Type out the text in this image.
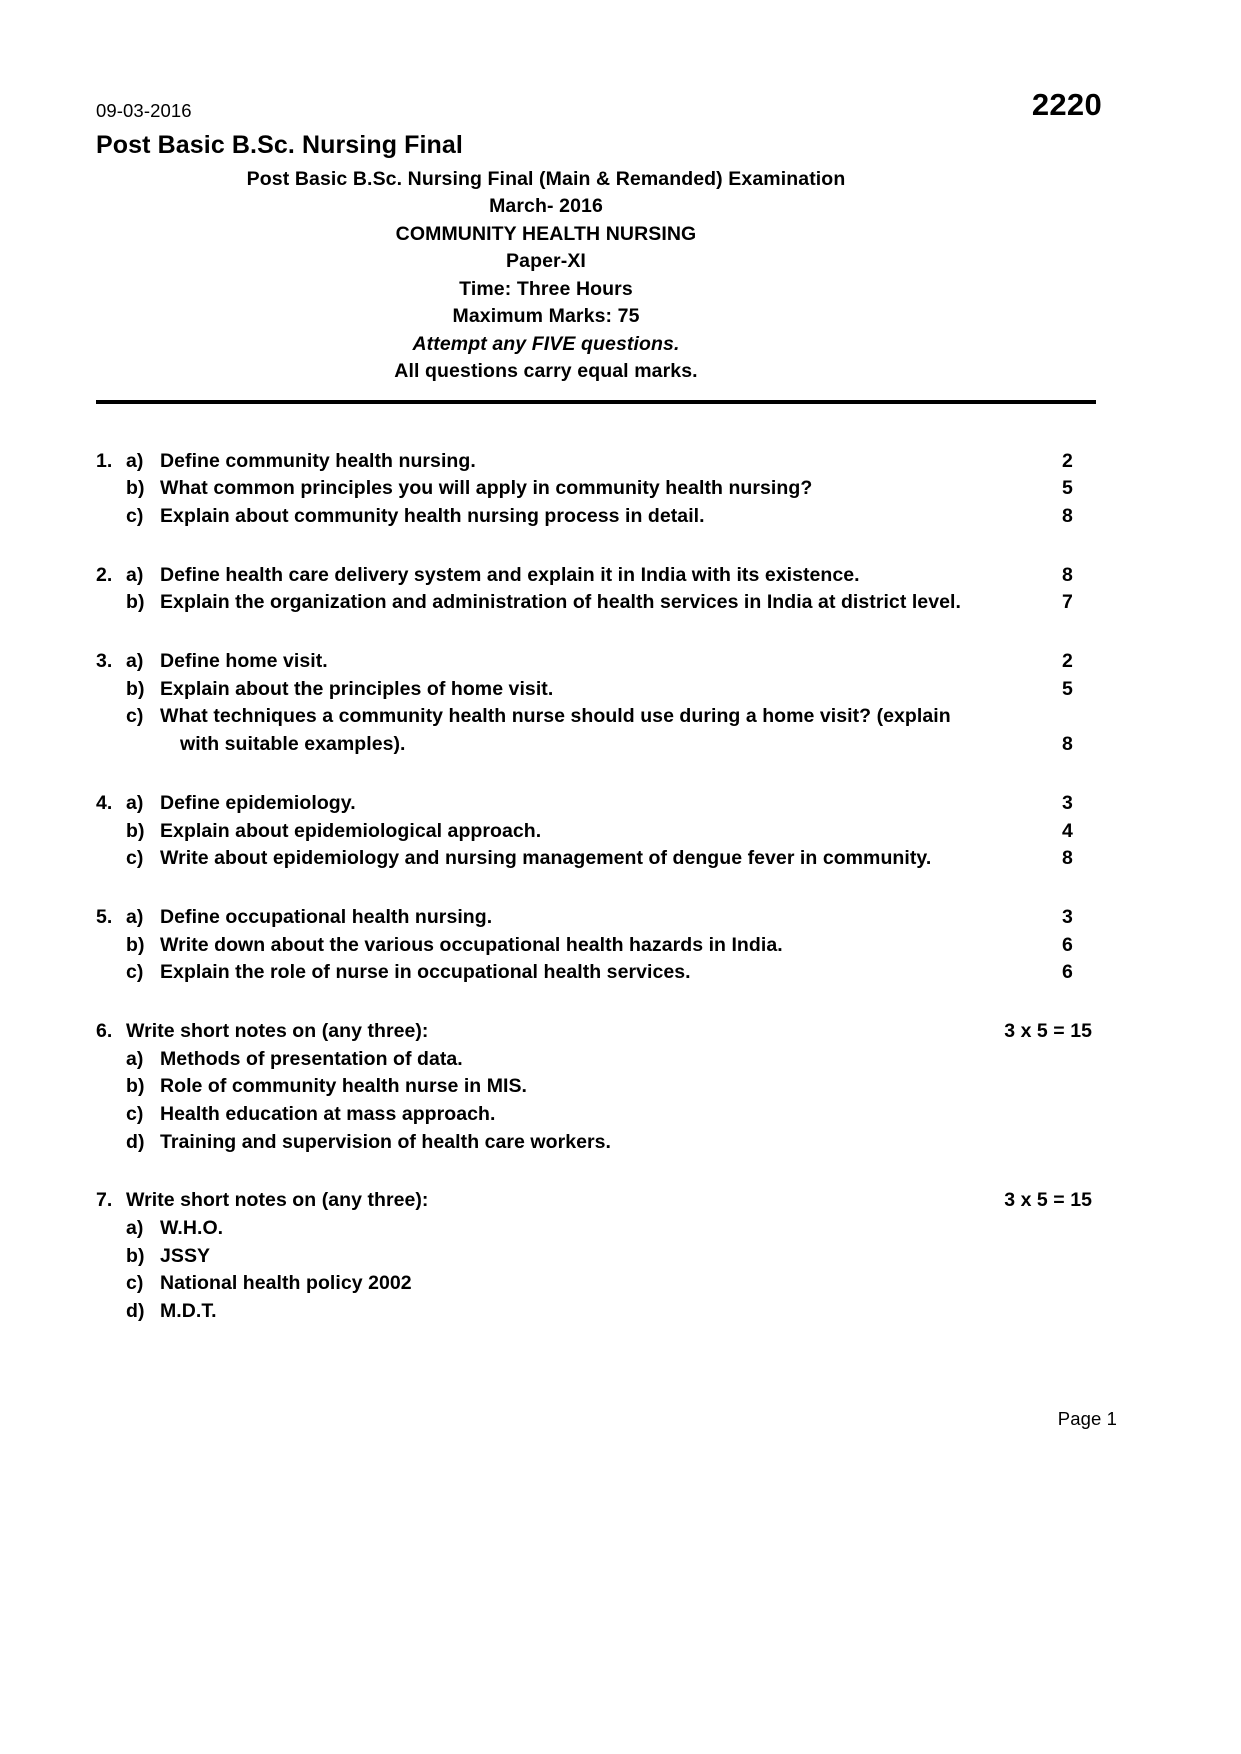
09-03-2016	2220
Post Basic B.Sc. Nursing Final
Post Basic B.Sc. Nursing Final (Main & Remanded) Examination
March- 2016
COMMUNITY HEALTH NURSING
Paper-XI
Time: Three Hours
Maximum Marks: 75
Attempt any FIVE questions.
All questions carry equal marks.
1. a) Define community health nursing.	2
b) What common principles you will apply in community health nursing?	5
c) Explain about community health nursing process in detail.	8
2. a) Define health care delivery system and explain it in India with its existence.	8
b) Explain the organization and administration of health services in India at district level.	7
3. a) Define home visit.	2
b) Explain about the principles of home visit.	5
c) What techniques a community health nurse should use during a home visit? (explain
with suitable examples).	8
4. a) Define epidemiology.	3
b) Explain about epidemiological approach.	4
c) Write about epidemiology and nursing management of dengue fever in community.	8
5. a) Define occupational health nursing.	3
b) Write down about the various occupational health hazards in India.	6
c) Explain the role of nurse in occupational health services.	6
6. Write short notes on (any three):	3 x 5 = 15
a) Methods of presentation of data.
b) Role of community health nurse in MIS.
c) Health education at mass approach.
d) Training and supervision of health care workers.
7. Write short notes on (any three):	3 x 5 = 15
a) W.H.O.
b) JSSY
c) National health policy 2002
d) M.D.T.
Page 1
